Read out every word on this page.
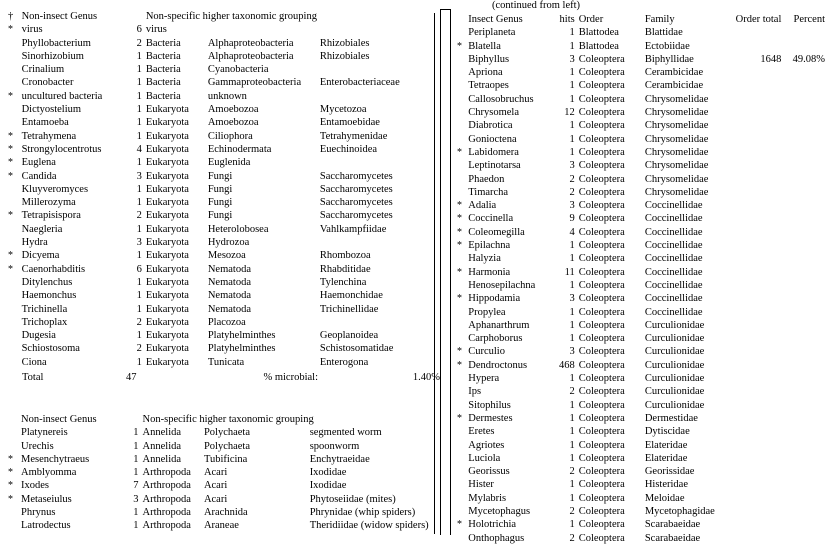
†	Non-insect Genus		Non-specific higher taxonomic grouping		
*	virus	6	virus		
	Phyllobacterium	2	Bacteria	Alphaproteobacteria	Rhizobiales
	Sinorhizobium	1	Bacteria	Alphaproteobacteria	Rhizobiales
	Crinalium	1	Bacteria	Cyanobacteria	
	Cronobacter	1	Bacteria	Gammaproteobacteria	Enterobacteriaceae
*	uncultured bacteria	1	Bacteria	unknown	
	Dictyostelium	1	Eukaryota	Amoebozoa	Mycetozoa
	Entamoeba	1	Eukaryota	Amoebozoa	Entamoebidae
*	Tetrahymena	1	Eukaryota	Ciliophora	Tetrahymenidae
*	Strongylocentrotus	4	Eukaryota	Echinodermata	Euechinoidea
*	Euglena	1	Eukaryota	Euglenida	
*	Candida	3	Eukaryota	Fungi	Saccharomycetes
	Kluyveromyces	1	Eukaryota	Fungi	Saccharomycetes
	Millerozyma	1	Eukaryota	Fungi	Saccharomycetes
*	Tetrapisispora	2	Eukaryota	Fungi	Saccharomycetes
	Naegleria	1	Eukaryota	Heterolobosea	Vahlkampfiidae
	Hydra	3	Eukaryota	Hydrozoa	
*	Dicyema	1	Eukaryota	Mesozoa	Rhombozoa
*	Caenorhabditis	6	Eukaryota	Nematoda	Rhabditidae
	Ditylenchus	1	Eukaryota	Nematoda	Tylenchina
	Haemonchus	1	Eukaryota	Nematoda	Haemonchidae
	Trichinella	1	Eukaryota	Nematoda	Trichinellidae
	Trichoplax	2	Eukaryota	Placozoa	
	Dugesia	1	Eukaryota	Platyhelminthes	Geoplanoidea
	Schiostosoma	2	Eukaryota	Platyhelminthes	Schistosomatidae
	Ciona	1	Eukaryota	Tunicata	Enterogona
	Total	47		% microbial:	1.40%
	Non-insect Genus		Non-specific higher taxonomic grouping		
	Platynereis	1	Annelida	Polychaeta	segmented worm
	Urechis	1	Annelida	Polychaeta	spoonworm
*	Mesenchytraeus	1	Annelida	Tubificina	Enchytraeidae
*	Amblyomma	1	Arthropoda	Acari	Ixodidae
*	Ixodes	7	Arthropoda	Acari	Ixodidae
*	Metaseiulus	3	Arthropoda	Acari	Phytoseiidae (mites)
	Phrynus	1	Arthropoda	Arachnida	Phrynidae (whip spiders)
	Latrodectus	1	Arthropoda	Araneae	Theridiidae (widow spiders)
(continued from left)
	Insect Genus	hits	Order	Family	Order total	Percent
	Periplaneta	1	Blattodea	Blattidae		
*	Blatella	1	Blattodea	Ectobiidae		
	Biphyllus	3	Coleoptera	Biphyllidae	1648	49.08%
	Apriona	1	Coleoptera	Cerambicidae		
	Tetraopes	1	Coleoptera	Cerambicidae		
	Callosobruchus	1	Coleoptera	Chrysomelidae		
	Chrysomela	12	Coleoptera	Chrysomelidae		
	Diabrotica	1	Coleoptera	Chrysomelidae		
	Gonioctena	1	Coleoptera	Chrysomelidae		
*	Labidomera	1	Coleoptera	Chrysomelidae		
	Leptinotarsa	3	Coleoptera	Chrysomelidae		
	Phaedon	2	Coleoptera	Chrysomelidae		
	Timarcha	2	Coleoptera	Chrysomelidae		
*	Adalia	3	Coleoptera	Coccinellidae		
*	Coccinella	9	Coleoptera	Coccinellidae		
*	Coleomegilla	4	Coleoptera	Coccinellidae		
*	Epilachna	1	Coleoptera	Coccinellidae		
	Halyzia	1	Coleoptera	Coccinellidae		
*	Harmonia	11	Coleoptera	Coccinellidae		
	Henosepilachna	1	Coleoptera	Coccinellidae		
*	Hippodamia	3	Coleoptera	Coccinellidae		
	Propylea	1	Coleoptera	Coccinellidae		
	Aphanarthrum	1	Coleoptera	Curculionidae		
	Carphoborus	1	Coleoptera	Curculionidae		
*	Curculio	3	Coleoptera	Curculionidae		
*	Dendroctonus	468	Coleoptera	Curculionidae		
	Hypera	1	Coleoptera	Curculionidae		
	Ips	2	Coleoptera	Curculionidae		
	Sitophilus	1	Coleoptera	Curculionidae		
*	Dermestes	1	Coleoptera	Dermestidae		
	Eretes	1	Coleoptera	Dytiscidae		
	Agriotes	1	Coleoptera	Elateridae		
	Luciola	1	Coleoptera	Elateridae		
	Georissus	2	Coleoptera	Georissidae		
	Hister	1	Coleoptera	Histeridae		
	Mylabris	1	Coleoptera	Meloidae		
	Mycetophagus	2	Coleoptera	Mycetophagidae		
*	Holotrichia	1	Coleoptera	Scarabaeidae		
	Onthophagus	2	Coleoptera	Scarabaeidae		
